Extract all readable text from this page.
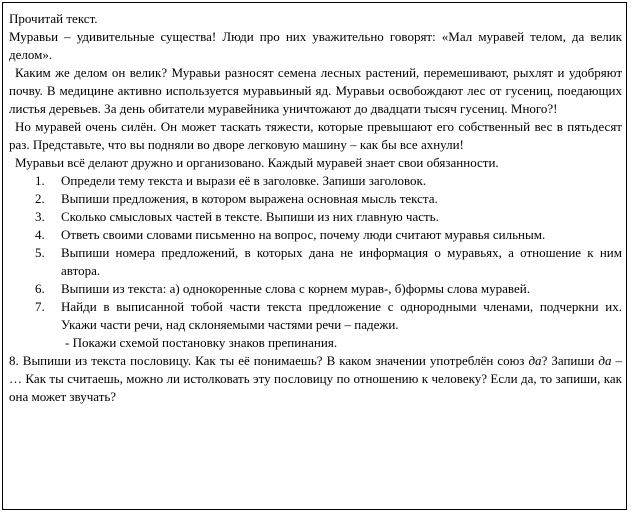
Прочитай текст.

Муравьи – удивительные существа! Люди про них уважительно говорят: «Мал муравей телом, да велик делом».

Каким же делом он велик? Муравьи разносят семена лесных растений, перемешивают, рыхлят и удобряют почву. В медицине активно используется муравьиный яд. Муравьи освобождают лес от гусениц, поедающих листья деревьев. За день обитатели муравейника уничтожают до двадцати тысяч гусениц. Много?!

Но муравей очень силён. Он может таскать тяжести, которые превышают его собственный вес в пятьдесят раз. Представьте, что вы подняли во дворе легковую машину – как бы все ахнули!

Муравьи всё делают дружно и организовано. Каждый муравей знает свои обязанности.

1. Определи тему текста и вырази её в заголовке. Запиши заголовок.
2. Выпиши предложения, в котором выражена основная мысль текста.
3. Сколько смысловых частей в тексте. Выпиши из них главную часть.
4. Ответь своими словами письменно на вопрос, почему люди считают муравья сильным.
5. Выпиши номера предложений, в которых дана не информация о муравьях, а отношение к ним автора.
6. Выпиши из текста: а) однокоренные слова с корнем мурав-, б)формы слова муравей.
7. Найди в выписанной тобой части текста предложение с однородными членами, подчеркни их. Укажи части речи, над склоняемыми частями речи – падежи.

- Покажи схемой постановку знаков препинания.

8. Выпиши из текста пословицу. Как ты её понимаешь? В каком значении употреблён союз да? Запиши да – … Как ты считаешь, можно ли истолковать эту пословицу по отношению к человеку? Если да, то запиши, как она может звучать?
